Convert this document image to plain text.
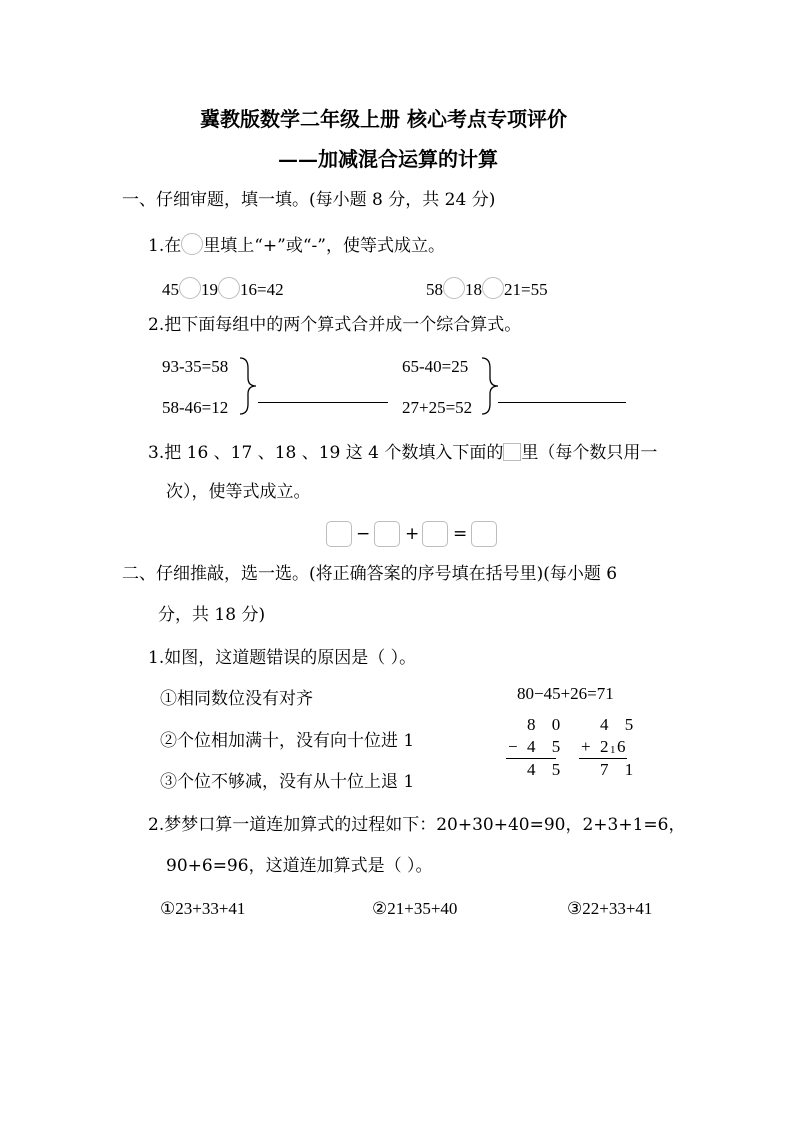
冀教版数学二年级上册 核心考点专项评价
——加减混合运算的计算
一、仔细审题，填一填。(每小题 8 分，共 24 分)
1.在 里填上“+”或“-”，使等式成立。
45 19 16=42	58 18 21=55
2.把下面每组中的两个算式合并成一个综合算式。
93-35=58
58-46=12
65-40=25
27+25=52
3.把 16 、17 、18 、19 这 4 个数填入下面的 里（每个数只用一
次），使等式成立。
− + =
二、仔细推敲，选一选。(将正确答案的序号填在括号里)(每小题 6
分，共 18 分)
1.如图，这道题错误的原因是（ ）。
①相同数位没有对齐
②个位相加满十，没有向十位进 1
③个位不够减，没有从十位上退 1
80−45+26=71
8 0
− 4 5
4 5
4 5
+ 2 1 6
7 1
2.梦梦口算一道连加算式的过程如下：20+30+40=90，2+3+1=6，
90+6=96，这道连加算式是（ ）。
①23+33+41	②21+35+40	③22+33+41
